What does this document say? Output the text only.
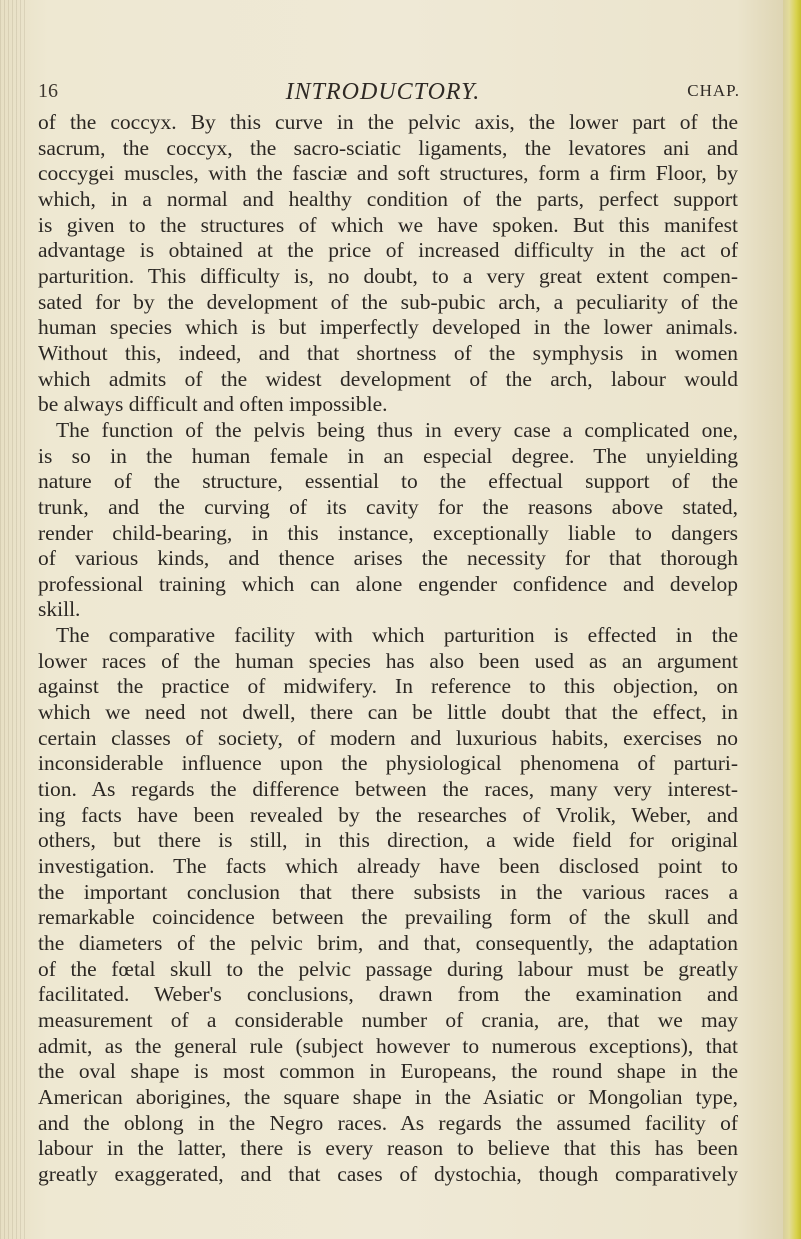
16	INTRODUCTORY.	CHAP.
of the coccyx. By this curve in the pelvic axis, the lower part of the
sacrum, the coccyx, the sacro-sciatic ligaments, the levatores ani and
coccygei muscles, with the fasciæ and soft structures, form a firm Floor, by
which, in a normal and healthy condition of the parts, perfect support
is given to the structures of which we have spoken. But this manifest
advantage is obtained at the price of increased difficulty in the act of
parturition. This difficulty is, no doubt, to a very great extent compen-
sated for by the development of the sub-pubic arch, a peculiarity of the
human species which is but imperfectly developed in the lower animals.
Without this, indeed, and that shortness of the symphysis in women
which admits of the widest development of the arch, labour would
be always difficult and often impossible.
The function of the pelvis being thus in every case a complicated one,
is so in the human female in an especial degree. The unyielding
nature of the structure, essential to the effectual support of the
trunk, and the curving of its cavity for the reasons above stated,
render child-bearing, in this instance, exceptionally liable to dangers
of various kinds, and thence arises the necessity for that thorough
professional training which can alone engender confidence and develop
skill.
The comparative facility with which parturition is effected in the
lower races of the human species has also been used as an argument
against the practice of midwifery. In reference to this objection, on
which we need not dwell, there can be little doubt that the effect, in
certain classes of society, of modern and luxurious habits, exercises no
inconsiderable influence upon the physiological phenomena of parturi-
tion. As regards the difference between the races, many very interest-
ing facts have been revealed by the researches of Vrolik, Weber, and
others, but there is still, in this direction, a wide field for original
investigation. The facts which already have been disclosed point to
the important conclusion that there subsists in the various races a
remarkable coincidence between the prevailing form of the skull and
the diameters of the pelvic brim, and that, consequently, the adaptation
of the fœtal skull to the pelvic passage during labour must be greatly
facilitated. Weber's conclusions, drawn from the examination and
measurement of a considerable number of crania, are, that we may
admit, as the general rule (subject however to numerous exceptions), that
the oval shape is most common in Europeans, the round shape in the
American aborigines, the square shape in the Asiatic or Mongolian type,
and the oblong in the Negro races. As regards the assumed facility of
labour in the latter, there is every reason to believe that this has been
greatly exaggerated, and that cases of dystochia, though comparatively
